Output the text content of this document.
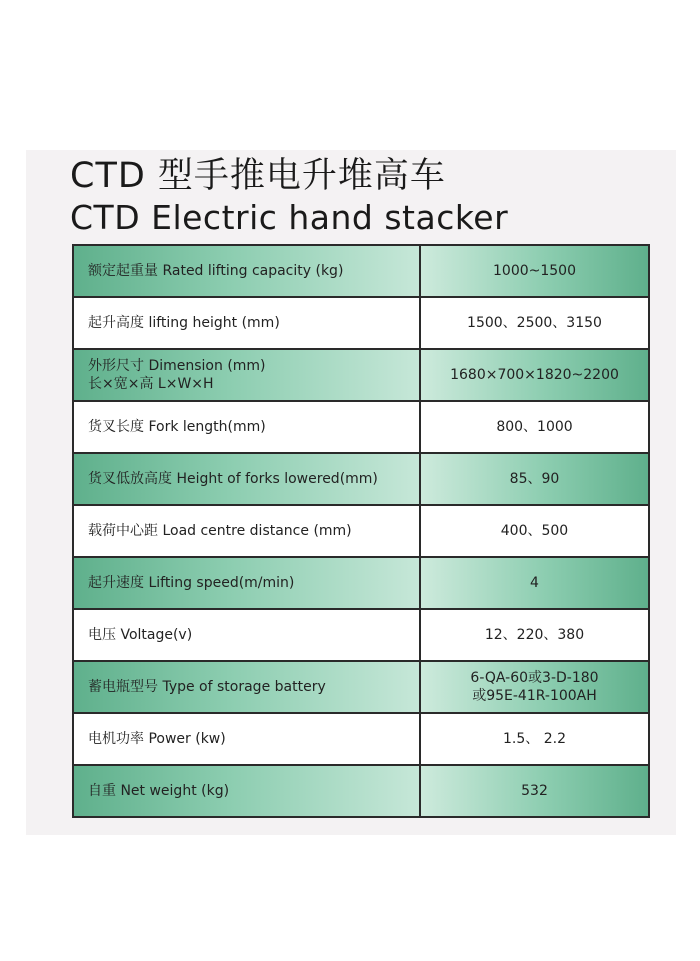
CTD 型手推电升堆高车
CTD Electric hand stacker
额定起重量 Rated lifting capacity (kg)	1000~1500
起升高度 lifting height (mm)	1500、2500、3150

外形尺寸 Dimension (mm)
长×宽×高 L×W×H	1680×700×1820~2200
货叉长度 Fork length(mm)	800、1000
货叉低放高度 Height of forks lowered(mm)	85、90
载荷中心距 Load centre distance (mm)	400、500
起升速度 Lifting speed(m/min)	4
电压 Voltage(v)	12、220、380
蓄电瓶型号 Type of storage battery	6-QA-60或3-D-180
或95E-41R-100AH

电机功率 Power (kw)	1.5、 2.2
自重 Net weight (kg)	532
